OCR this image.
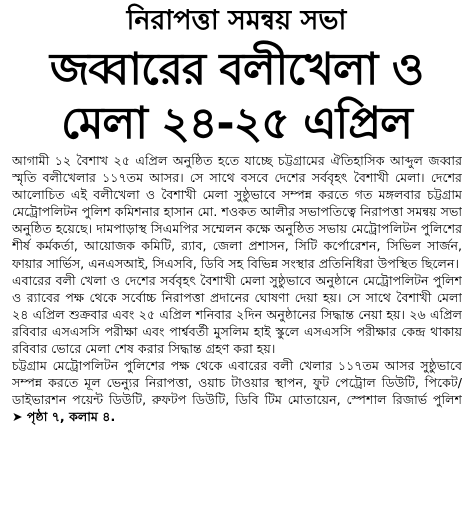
নিরাপত্তা সমন্বয় সভা
জব্বারের বলীখেলা ও
মেলা ২৪-২৫ এপ্রিল

আগামী ১২ বৈশাখ ২৫ এপ্রিল অনুষ্ঠিত হতে যাচ্ছে চট্টগ্রামের ঐতিহাসিক আব্দুল জব্বার স্মৃতি বলীখেলার ১১৭তম আসর। সে সাথে বসবে দেশের সর্ববৃহৎ বৈশাখী মেলা। দেশের আলোচিত এই বলীখেলা ও বৈশাখী মেলা সুষ্ঠুভাবে সম্পন্ন করতে গত মঙ্গলবার চট্টগ্রাম মেট্রোপলিটন পুলিশ কমিশনার হাসান মো. শওকত আলীর সভাপতিত্বে নিরাপত্তা সমন্বয় সভা অনুষ্ঠিত হয়েছে। দামপাড়াস্থ সিএমপির সম্মেলন কক্ষে অনুষ্ঠিত সভায় মেট্রোপলিটন পুলিশের শীর্ষ কর্মকর্তা, আয়োজক কমিটি, র‍্যাব, জেলা প্রশাসন, সিটি কর্পোরেশন, সিভিল সার্জন, ফায়ার সার্ভিস, এনএসআই, সিএসবি, ডিবি সহ বিভিন্ন সংস্থার প্রতিনিধিরা উপস্থিত ছিলেন।

এবারের বলী খেলা ও দেশের সর্ববৃহৎ বৈশাখী মেলা সুষ্ঠুভাবে অনুষ্ঠানে মেট্রোপলিটন পুলিশ ও র‍্যাবের পক্ষ থেকে সর্বোচ্চ নিরাপত্তা প্রদানের ঘোষণা দেয়া হয়। সে সাথে বৈশাখী মেলা ২৪ এপ্রিল শুক্রবার এবং ২৫ এপ্রিল শনিবার ২দিন অনুষ্ঠানের সিদ্ধান্ত নেয়া হয়। ২৬ এপ্রিল রবিবার এসএসসি পরীক্ষা এবং পার্শ্ববর্তী মুসলিম হাই স্কুলে এসএসসি পরীক্ষার কেন্দ্র থাকায় রবিবার ভোরে মেলা শেষ করার সিদ্ধান্ত গ্রহণ করা হয়।

চট্টগ্রাম মেট্রোপলিটন পুলিশের পক্ষ থেকে এবারের বলী খেলার ১১৭তম আসর সুষ্ঠুভাবে সম্পন্ন করতে মূল ভেন্যুর নিরাপত্তা, ওয়াচ টাওয়ার স্থাপন, ফুট পেট্রোল ডিউটি, পিকেট/ডাইভারশন পয়েন্ট ডিউটি, রুফটপ ডিউটি, ডিবি টিম মোতায়েন, স্পেশাল রিজার্ভ পুলিশ ➤ পৃষ্ঠা ৭, কলাম ৪.
